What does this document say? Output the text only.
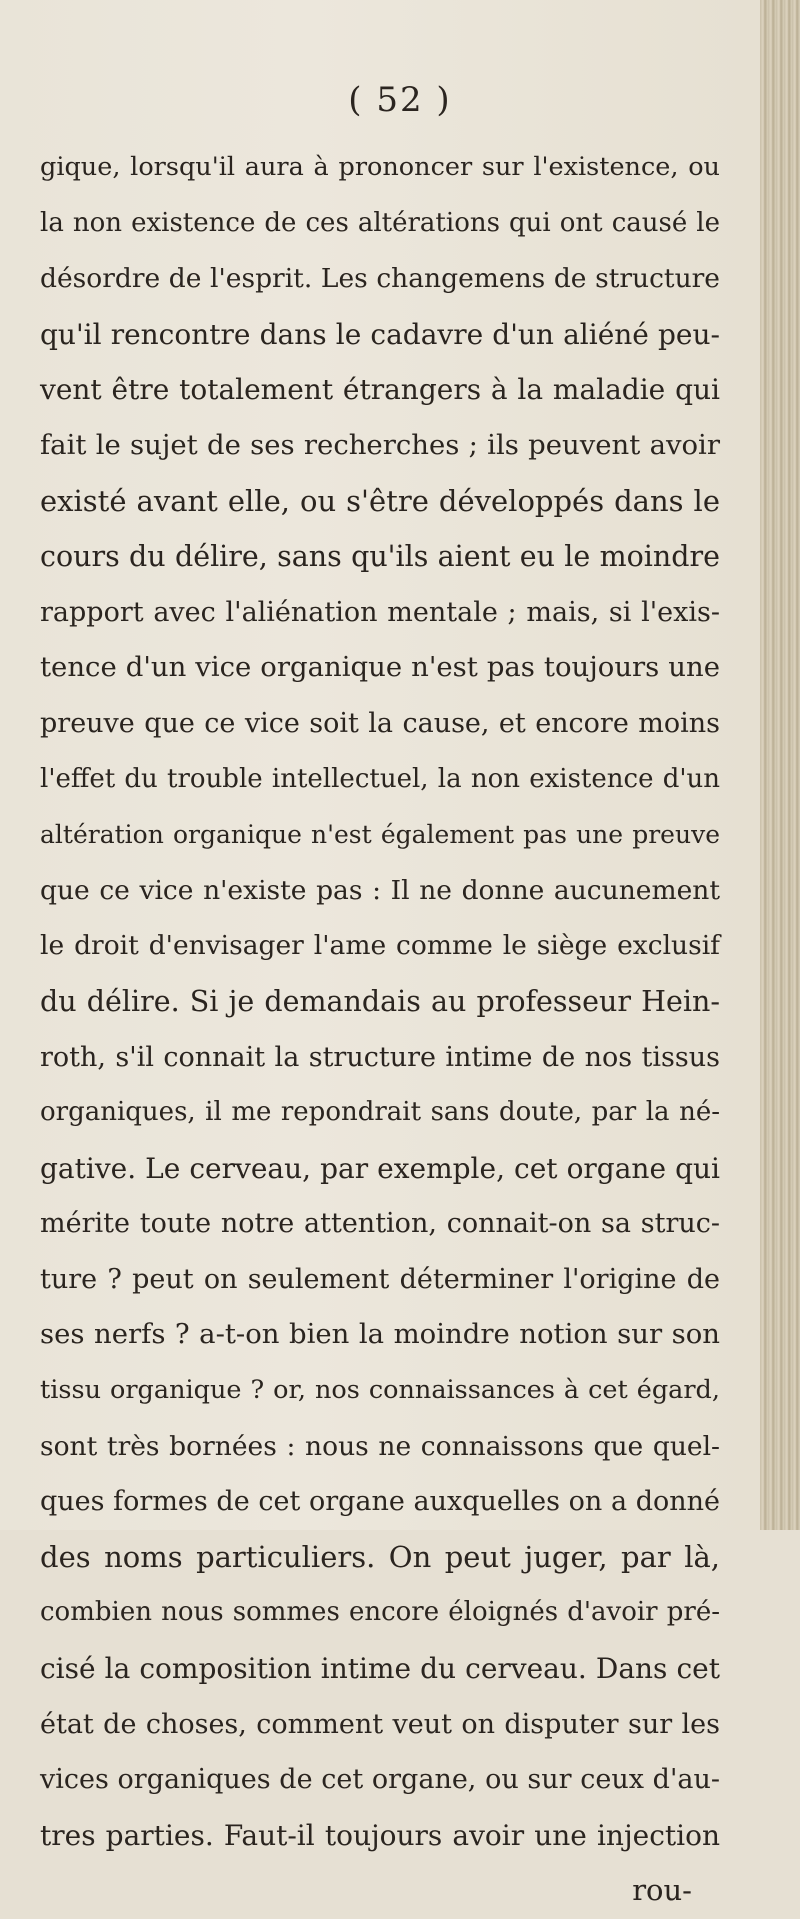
( 52 )
gique, lorsqu'il aura à prononcer sur l'existence, ou
la non existence de ces altérations qui ont causé le
désordre de l'esprit. Les changemens de structure
qu'il rencontre dans le cadavre d'un aliéné peu-
vent être totalement étrangers à la maladie qui
fait le sujet de ses recherches ; ils peuvent avoir
existé avant elle, ou s'être développés dans le
cours du délire, sans qu'ils aient eu le moindre
rapport avec l'aliénation mentale ; mais, si l'exis-
tence d'un vice organique n'est pas toujours une
preuve que ce vice soit la cause, et encore moins
l'effet du trouble intellectuel, la non existence d'un
altération organique n'est également pas une preuve
que ce vice n'existe pas : Il ne donne aucunement
le droit d'envisager l'ame comme le siège exclusif
du délire. Si je demandais au professeur Hein-
roth, s'il connait la structure intime de nos tissus
organiques, il me repondrait sans doute, par la né-
gative. Le cerveau, par exemple, cet organe qui
mérite toute notre attention, connait-on sa struc-
ture ? peut on seulement déterminer l'origine de
ses nerfs ? a-t-on bien la moindre notion sur son
tissu organique ? or, nos connaissances à cet égard,
sont très bornées : nous ne connaissons que quel-
ques formes de cet organe auxquelles on a donné
des noms particuliers. On peut juger, par là,
combien nous sommes encore éloignés d'avoir pré-
cisé la composition intime du cerveau. Dans cet
état de choses, comment veut on disputer sur les
vices organiques de cet organe, ou sur ceux d'au-
tres parties. Faut-il toujours avoir une injection
rou-
